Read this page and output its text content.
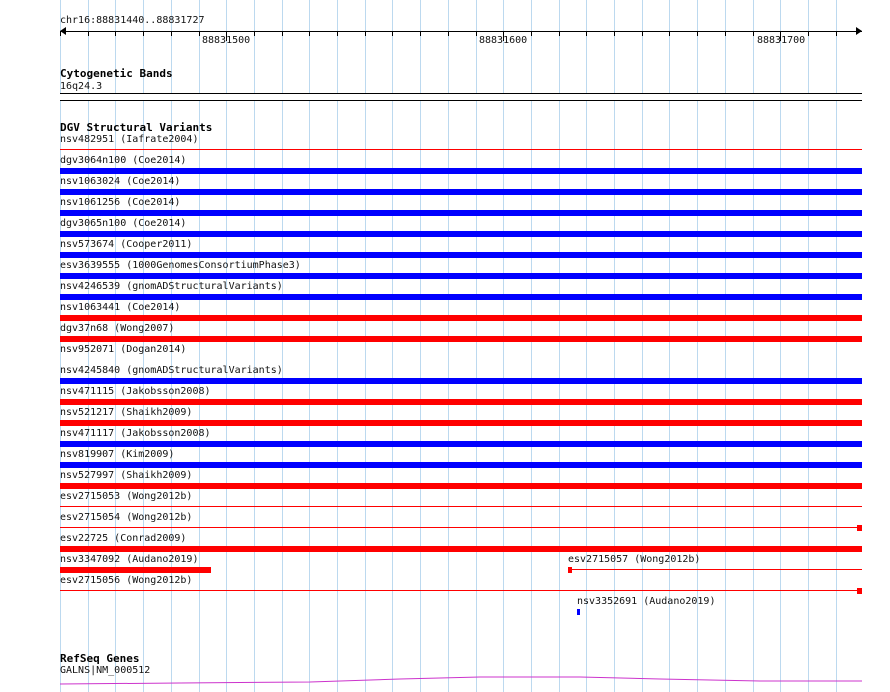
chr16:88831440..88831727
88831500	88831600	88831700
Cytogenetic Bands
16q24.3
DGV Structural Variants
nsv482951 (Iafrate2004)
dgv3064n100 (Coe2014)
nsv1063024 (Coe2014)
nsv1061256 (Coe2014)
dgv3065n100 (Coe2014)
nsv573674 (Cooper2011)
esv3639555 (1000GenomesConsortiumPhase3)
nsv4246539 (gnomADStructuralVariants)
nsv1063441 (Coe2014)
dgv37n68 (Wong2007)
nsv952071 (Dogan2014)
nsv4245840 (gnomADStructuralVariants)
nsv471115 (Jakobsson2008)
nsv521217 (Shaikh2009)
nsv471117 (Jakobsson2008)
nsv819907 (Kim2009)
nsv527997 (Shaikh2009)
esv2715053 (Wong2012b)
esv2715054 (Wong2012b)
esv22725 (Conrad2009)
nsv3347092 (Audano2019)	esv2715057 (Wong2012b)
esv2715056 (Wong2012b)
nsv3352691 (Audano2019)
RefSeq Genes
GALNS|NM_000512
